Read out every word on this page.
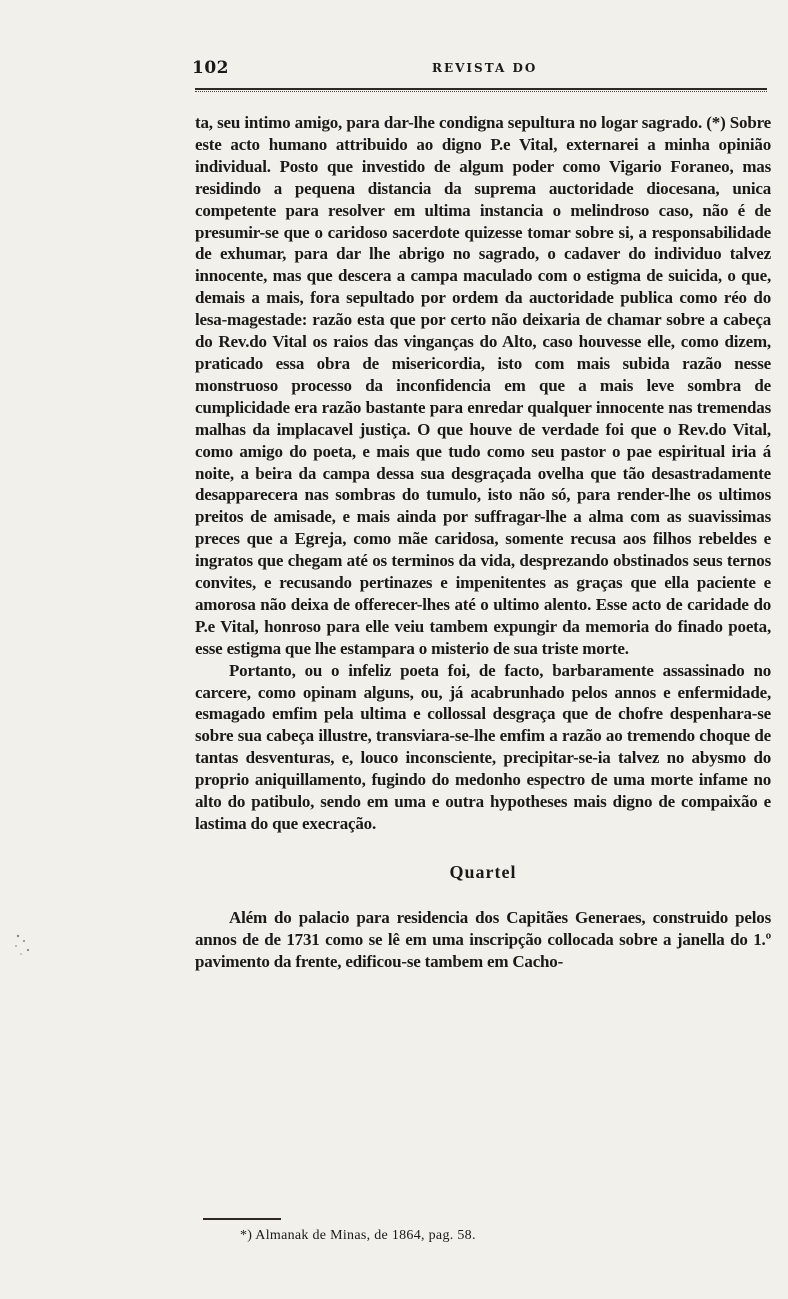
102	REVISTA DO

ta, seu intimo amigo, para dar-lhe condigna sepultura no logar sagrado. (*) Sobre este acto humano attribuido ao digno P.e Vital, externarei a minha opinião individual. Posto que investido de algum poder como Vigario Foraneo, mas residindo a pequena distancia da suprema auctoridade diocesana, unica competente para resolver em ultima instancia o melindroso caso, não é de presumir-se que o caridoso sacerdote quizesse tomar sobre si, a responsabilidade de exhumar, para dar lhe abrigo no sagrado, o cadaver do individuo talvez innocente, mas que descera a campa maculado com o estigma de suicida, o que, demais a mais, fora sepultado por ordem da auctoridade publica como réo do lesa-magestade: razão esta que por certo não deixaria de chamar sobre a cabeça do Rev.do Vital os raios das vinganças do Alto, caso houvesse elle, como dizem, praticado essa obra de misericordia, isto com mais subida razão nesse monstruoso processo da inconfidencia em que a mais leve sombra de cumplicidade era razão bastante para enredar qualquer innocente nas tremendas malhas da implacavel justiça. O que houve de verdade foi que o Rev.do Vital, como amigo do poeta, e mais que tudo como seu pastor o pae espiritual iria á noite, a beira da campa dessa sua desgraçada ovelha que tão desastradamente desapparecera nas sombras do tumulo, isto não só, para render-lhe os ultimos preitos de amisade, e mais ainda por suffragar-lhe a alma com as suavissimas preces que a Egreja, como mãe caridosa, somente recusa aos filhos rebeldes e ingratos que chegam até os terminos da vida, desprezando obstinados seus ternos convites, e recusando pertinazes e impenitentes as graças que ella paciente e amorosa não deixa de offerecer-lhes até o ultimo alento. Esse acto de caridade do P.e Vital, honroso para elle veiu tambem expungir da memoria do finado poeta, esse estigma que lhe estampara o misterio de sua triste morte.

Portanto, ou o infeliz poeta foi, de facto, barbaramente assassinado no carcere, como opinam alguns, ou, já acabrunhado pelos annos e enfermidade, esmagado emfim pela ultima e collossal desgraça que de chofre despenhara-se sobre sua cabeça illustre, transviara-se-lhe emfim a razão ao tremendo choque de tantas desventuras, e, louco inconsciente, precipitar-se-ia talvez no abysmo do proprio aniquillamento, fugindo do medonho espectro de uma morte infame no alto do patibulo, sendo em uma e outra hypotheses mais digno de compaixão e lastima do que execração.

Quartel

Além do palacio para residencia dos Capitães Generaes, construido pelos annos de de 1731 como se lê em uma inscripção collocada sobre a janella do 1.º pavimento da frente, edificou-se tambem em Cacho-

*) Almanak de Minas, de 1864, pag. 58.
